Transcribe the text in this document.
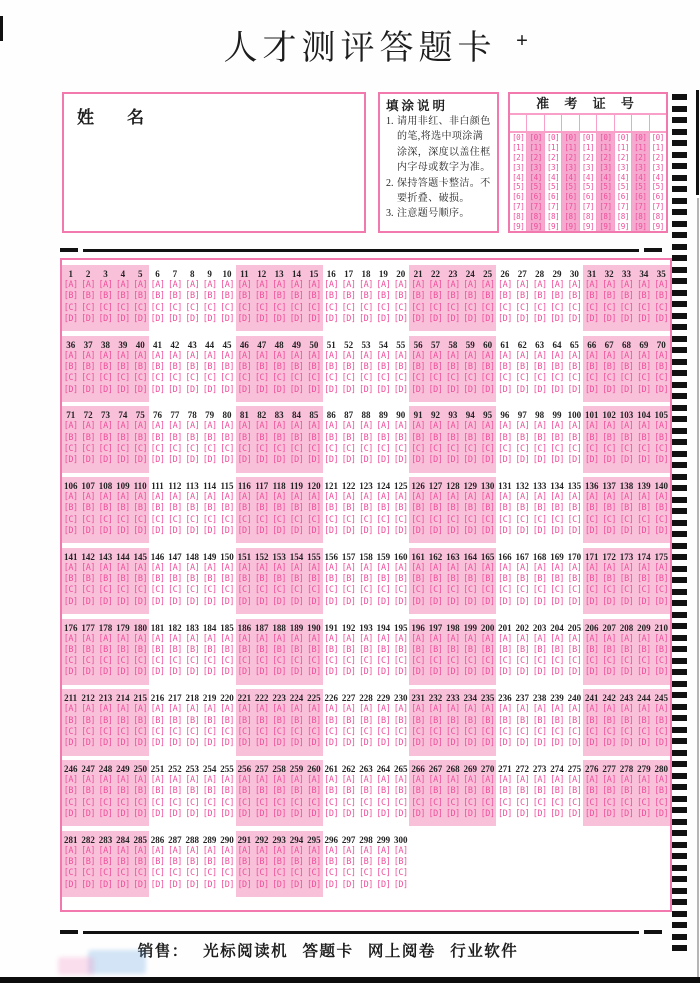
人才测评答题卡 +
姓 名
填涂说明
1. 请用非红、非白颜色的笔,将选中项涂满涂深，深度以盖住框内字母或数字为准。
2. 保持答题卡整洁。不要折叠、破损。
3. 注意题号顺序。
准 考 证 号
[0]
[1]
[2]
[3]
[4]
[5]
[6]
[7]
[8]
[9]
[0]
[1]
[2]
[3]
[4]
[5]
[6]
[7]
[8]
[9]
[0]
[1]
[2]
[3]
[4]
[5]
[6]
[7]
[8]
[9]
[0]
[1]
[2]
[3]
[4]
[5]
[6]
[7]
[8]
[9]
[0]
[1]
[2]
[3]
[4]
[5]
[6]
[7]
[8]
[9]
[0]
[1]
[2]
[3]
[4]
[5]
[6]
[7]
[8]
[9]
[0]
[1]
[2]
[3]
[4]
[5]
[6]
[7]
[8]
[9]
[0]
[1]
[2]
[3]
[4]
[5]
[6]
[7]
[8]
[9]
[0]
[1]
[2]
[3]
[4]
[5]
[6]
[7]
[8]
[9]
1
[A]
[B]
[C]
[D]
2
[A]
[B]
[C]
[D]
3
[A]
[B]
[C]
[D]
4
[A]
[B]
[C]
[D]
5
[A]
[B]
[C]
[D]
6
[A]
[B]
[C]
[D]
7
[A]
[B]
[C]
[D]
8
[A]
[B]
[C]
[D]
9
[A]
[B]
[C]
[D]
10
[A]
[B]
[C]
[D]
11
[A]
[B]
[C]
[D]
12
[A]
[B]
[C]
[D]
13
[A]
[B]
[C]
[D]
14
[A]
[B]
[C]
[D]
15
[A]
[B]
[C]
[D]
16
[A]
[B]
[C]
[D]
17
[A]
[B]
[C]
[D]
18
[A]
[B]
[C]
[D]
19
[A]
[B]
[C]
[D]
20
[A]
[B]
[C]
[D]
21
[A]
[B]
[C]
[D]
22
[A]
[B]
[C]
[D]
23
[A]
[B]
[C]
[D]
24
[A]
[B]
[C]
[D]
25
[A]
[B]
[C]
[D]
26
[A]
[B]
[C]
[D]
27
[A]
[B]
[C]
[D]
28
[A]
[B]
[C]
[D]
29
[A]
[B]
[C]
[D]
30
[A]
[B]
[C]
[D]
31
[A]
[B]
[C]
[D]
32
[A]
[B]
[C]
[D]
33
[A]
[B]
[C]
[D]
34
[A]
[B]
[C]
[D]
35
[A]
[B]
[C]
[D]
36
[A]
[B]
[C]
[D]
37
[A]
[B]
[C]
[D]
38
[A]
[B]
[C]
[D]
39
[A]
[B]
[C]
[D]
40
[A]
[B]
[C]
[D]
41
[A]
[B]
[C]
[D]
42
[A]
[B]
[C]
[D]
43
[A]
[B]
[C]
[D]
44
[A]
[B]
[C]
[D]
45
[A]
[B]
[C]
[D]
46
[A]
[B]
[C]
[D]
47
[A]
[B]
[C]
[D]
48
[A]
[B]
[C]
[D]
49
[A]
[B]
[C]
[D]
50
[A]
[B]
[C]
[D]
51
[A]
[B]
[C]
[D]
52
[A]
[B]
[C]
[D]
53
[A]
[B]
[C]
[D]
54
[A]
[B]
[C]
[D]
55
[A]
[B]
[C]
[D]
56
[A]
[B]
[C]
[D]
57
[A]
[B]
[C]
[D]
58
[A]
[B]
[C]
[D]
59
[A]
[B]
[C]
[D]
60
[A]
[B]
[C]
[D]
61
[A]
[B]
[C]
[D]
62
[A]
[B]
[C]
[D]
63
[A]
[B]
[C]
[D]
64
[A]
[B]
[C]
[D]
65
[A]
[B]
[C]
[D]
66
[A]
[B]
[C]
[D]
67
[A]
[B]
[C]
[D]
68
[A]
[B]
[C]
[D]
69
[A]
[B]
[C]
[D]
70
[A]
[B]
[C]
[D]
71
[A]
[B]
[C]
[D]
72
[A]
[B]
[C]
[D]
73
[A]
[B]
[C]
[D]
74
[A]
[B]
[C]
[D]
75
[A]
[B]
[C]
[D]
76
[A]
[B]
[C]
[D]
77
[A]
[B]
[C]
[D]
78
[A]
[B]
[C]
[D]
79
[A]
[B]
[C]
[D]
80
[A]
[B]
[C]
[D]
81
[A]
[B]
[C]
[D]
82
[A]
[B]
[C]
[D]
83
[A]
[B]
[C]
[D]
84
[A]
[B]
[C]
[D]
85
[A]
[B]
[C]
[D]
86
[A]
[B]
[C]
[D]
87
[A]
[B]
[C]
[D]
88
[A]
[B]
[C]
[D]
89
[A]
[B]
[C]
[D]
90
[A]
[B]
[C]
[D]
91
[A]
[B]
[C]
[D]
92
[A]
[B]
[C]
[D]
93
[A]
[B]
[C]
[D]
94
[A]
[B]
[C]
[D]
95
[A]
[B]
[C]
[D]
96
[A]
[B]
[C]
[D]
97
[A]
[B]
[C]
[D]
98
[A]
[B]
[C]
[D]
99
[A]
[B]
[C]
[D]
100
[A]
[B]
[C]
[D]
101
[A]
[B]
[C]
[D]
102
[A]
[B]
[C]
[D]
103
[A]
[B]
[C]
[D]
104
[A]
[B]
[C]
[D]
105
[A]
[B]
[C]
[D]
106
[A]
[B]
[C]
[D]
107
[A]
[B]
[C]
[D]
108
[A]
[B]
[C]
[D]
109
[A]
[B]
[C]
[D]
110
[A]
[B]
[C]
[D]
111
[A]
[B]
[C]
[D]
112
[A]
[B]
[C]
[D]
113
[A]
[B]
[C]
[D]
114
[A]
[B]
[C]
[D]
115
[A]
[B]
[C]
[D]
116
[A]
[B]
[C]
[D]
117
[A]
[B]
[C]
[D]
118
[A]
[B]
[C]
[D]
119
[A]
[B]
[C]
[D]
120
[A]
[B]
[C]
[D]
121
[A]
[B]
[C]
[D]
122
[A]
[B]
[C]
[D]
123
[A]
[B]
[C]
[D]
124
[A]
[B]
[C]
[D]
125
[A]
[B]
[C]
[D]
126
[A]
[B]
[C]
[D]
127
[A]
[B]
[C]
[D]
128
[A]
[B]
[C]
[D]
129
[A]
[B]
[C]
[D]
130
[A]
[B]
[C]
[D]
131
[A]
[B]
[C]
[D]
132
[A]
[B]
[C]
[D]
133
[A]
[B]
[C]
[D]
134
[A]
[B]
[C]
[D]
135
[A]
[B]
[C]
[D]
136
[A]
[B]
[C]
[D]
137
[A]
[B]
[C]
[D]
138
[A]
[B]
[C]
[D]
139
[A]
[B]
[C]
[D]
140
[A]
[B]
[C]
[D]
141
[A]
[B]
[C]
[D]
142
[A]
[B]
[C]
[D]
143
[A]
[B]
[C]
[D]
144
[A]
[B]
[C]
[D]
145
[A]
[B]
[C]
[D]
146
[A]
[B]
[C]
[D]
147
[A]
[B]
[C]
[D]
148
[A]
[B]
[C]
[D]
149
[A]
[B]
[C]
[D]
150
[A]
[B]
[C]
[D]
151
[A]
[B]
[C]
[D]
152
[A]
[B]
[C]
[D]
153
[A]
[B]
[C]
[D]
154
[A]
[B]
[C]
[D]
155
[A]
[B]
[C]
[D]
156
[A]
[B]
[C]
[D]
157
[A]
[B]
[C]
[D]
158
[A]
[B]
[C]
[D]
159
[A]
[B]
[C]
[D]
160
[A]
[B]
[C]
[D]
161
[A]
[B]
[C]
[D]
162
[A]
[B]
[C]
[D]
163
[A]
[B]
[C]
[D]
164
[A]
[B]
[C]
[D]
165
[A]
[B]
[C]
[D]
166
[A]
[B]
[C]
[D]
167
[A]
[B]
[C]
[D]
168
[A]
[B]
[C]
[D]
169
[A]
[B]
[C]
[D]
170
[A]
[B]
[C]
[D]
171
[A]
[B]
[C]
[D]
172
[A]
[B]
[C]
[D]
173
[A]
[B]
[C]
[D]
174
[A]
[B]
[C]
[D]
175
[A]
[B]
[C]
[D]
176
[A]
[B]
[C]
[D]
177
[A]
[B]
[C]
[D]
178
[A]
[B]
[C]
[D]
179
[A]
[B]
[C]
[D]
180
[A]
[B]
[C]
[D]
181
[A]
[B]
[C]
[D]
182
[A]
[B]
[C]
[D]
183
[A]
[B]
[C]
[D]
184
[A]
[B]
[C]
[D]
185
[A]
[B]
[C]
[D]
186
[A]
[B]
[C]
[D]
187
[A]
[B]
[C]
[D]
188
[A]
[B]
[C]
[D]
189
[A]
[B]
[C]
[D]
190
[A]
[B]
[C]
[D]
191
[A]
[B]
[C]
[D]
192
[A]
[B]
[C]
[D]
193
[A]
[B]
[C]
[D]
194
[A]
[B]
[C]
[D]
195
[A]
[B]
[C]
[D]
196
[A]
[B]
[C]
[D]
197
[A]
[B]
[C]
[D]
198
[A]
[B]
[C]
[D]
199
[A]
[B]
[C]
[D]
200
[A]
[B]
[C]
[D]
201
[A]
[B]
[C]
[D]
202
[A]
[B]
[C]
[D]
203
[A]
[B]
[C]
[D]
204
[A]
[B]
[C]
[D]
205
[A]
[B]
[C]
[D]
206
[A]
[B]
[C]
[D]
207
[A]
[B]
[C]
[D]
208
[A]
[B]
[C]
[D]
209
[A]
[B]
[C]
[D]
210
[A]
[B]
[C]
[D]
211
[A]
[B]
[C]
[D]
212
[A]
[B]
[C]
[D]
213
[A]
[B]
[C]
[D]
214
[A]
[B]
[C]
[D]
215
[A]
[B]
[C]
[D]
216
[A]
[B]
[C]
[D]
217
[A]
[B]
[C]
[D]
218
[A]
[B]
[C]
[D]
219
[A]
[B]
[C]
[D]
220
[A]
[B]
[C]
[D]
221
[A]
[B]
[C]
[D]
222
[A]
[B]
[C]
[D]
223
[A]
[B]
[C]
[D]
224
[A]
[B]
[C]
[D]
225
[A]
[B]
[C]
[D]
226
[A]
[B]
[C]
[D]
227
[A]
[B]
[C]
[D]
228
[A]
[B]
[C]
[D]
229
[A]
[B]
[C]
[D]
230
[A]
[B]
[C]
[D]
231
[A]
[B]
[C]
[D]
232
[A]
[B]
[C]
[D]
233
[A]
[B]
[C]
[D]
234
[A]
[B]
[C]
[D]
235
[A]
[B]
[C]
[D]
236
[A]
[B]
[C]
[D]
237
[A]
[B]
[C]
[D]
238
[A]
[B]
[C]
[D]
239
[A]
[B]
[C]
[D]
240
[A]
[B]
[C]
[D]
241
[A]
[B]
[C]
[D]
242
[A]
[B]
[C]
[D]
243
[A]
[B]
[C]
[D]
244
[A]
[B]
[C]
[D]
245
[A]
[B]
[C]
[D]
246
[A]
[B]
[C]
[D]
247
[A]
[B]
[C]
[D]
248
[A]
[B]
[C]
[D]
249
[A]
[B]
[C]
[D]
250
[A]
[B]
[C]
[D]
251
[A]
[B]
[C]
[D]
252
[A]
[B]
[C]
[D]
253
[A]
[B]
[C]
[D]
254
[A]
[B]
[C]
[D]
255
[A]
[B]
[C]
[D]
256
[A]
[B]
[C]
[D]
257
[A]
[B]
[C]
[D]
258
[A]
[B]
[C]
[D]
259
[A]
[B]
[C]
[D]
260
[A]
[B]
[C]
[D]
261
[A]
[B]
[C]
[D]
262
[A]
[B]
[C]
[D]
263
[A]
[B]
[C]
[D]
264
[A]
[B]
[C]
[D]
265
[A]
[B]
[C]
[D]
266
[A]
[B]
[C]
[D]
267
[A]
[B]
[C]
[D]
268
[A]
[B]
[C]
[D]
269
[A]
[B]
[C]
[D]
270
[A]
[B]
[C]
[D]
271
[A]
[B]
[C]
[D]
272
[A]
[B]
[C]
[D]
273
[A]
[B]
[C]
[D]
274
[A]
[B]
[C]
[D]
275
[A]
[B]
[C]
[D]
276
[A]
[B]
[C]
[D]
277
[A]
[B]
[C]
[D]
278
[A]
[B]
[C]
[D]
279
[A]
[B]
[C]
[D]
280
[A]
[B]
[C]
[D]
281
[A]
[B]
[C]
[D]
282
[A]
[B]
[C]
[D]
283
[A]
[B]
[C]
[D]
284
[A]
[B]
[C]
[D]
285
[A]
[B]
[C]
[D]
286
[A]
[B]
[C]
[D]
287
[A]
[B]
[C]
[D]
288
[A]
[B]
[C]
[D]
289
[A]
[B]
[C]
[D]
290
[A]
[B]
[C]
[D]
291
[A]
[B]
[C]
[D]
292
[A]
[B]
[C]
[D]
293
[A]
[B]
[C]
[D]
294
[A]
[B]
[C]
[D]
295
[A]
[B]
[C]
[D]
296
[A]
[B]
[C]
[D]
297
[A]
[B]
[C]
[D]
298
[A]
[B]
[C]
[D]
299
[A]
[B]
[C]
[D]
300
[A]
[B]
[C]
[D]
销售： 光标阅读机 答题卡 网上阅卷 行业软件
